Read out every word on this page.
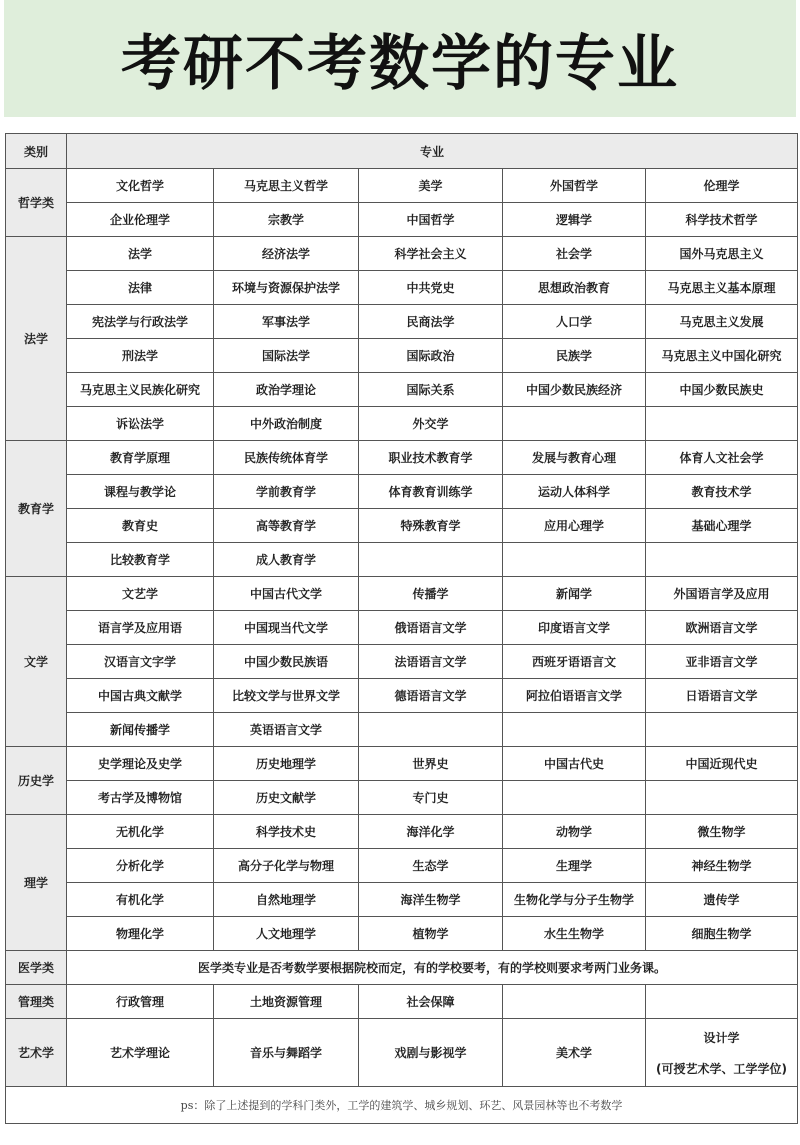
考研不考数学的专业
类别	专业				
哲学类	文化哲学	马克思主义哲学	美学	外国哲学	伦理学
	企业伦理学	宗教学	中国哲学	逻辑学	科学技术哲学
法学	法学	经济法学	科学社会主义	社会学	国外马克思主义
	法律	环境与资源保护法学	中共党史	思想政治教育	马克思主义基本原理
	宪法学与行政法学	军事法学	民商法学	人口学	马克思主义发展
	刑法学	国际法学	国际政治	民族学	马克思主义中国化研究
	马克思主义民族化研究	政治学理论	国际关系	中国少数民族经济	中国少数民族史
	诉讼法学	中外政治制度	外交学		
教育学	教育学原理	民族传统体育学	职业技术教育学	发展与教育心理	体育人文社会学
	课程与教学论	学前教育学	体育教育训练学	运动人体科学	教育技术学
	教育史	高等教育学	特殊教育学	应用心理学	基础心理学
	比较教育学	成人教育学			
文学	文艺学	中国古代文学	传播学	新闻学	外国语言学及应用
	语言学及应用语	中国现当代文学	俄语语言文学	印度语言文学	欧洲语言文学
	汉语言文字学	中国少数民族语	法语语言文学	西班牙语语言文	亚非语言文学
	中国古典文献学	比较文学与世界文学	德语语言文学	阿拉伯语语言文学	日语语言文学
	新闻传播学	英语语言文学			
历史学	史学理论及史学	历史地理学	世界史	中国古代史	中国近现代史
	考古学及博物馆	历史文献学	专门史		
理学	无机化学	科学技术史	海洋化学	动物学	微生物学
	分析化学	高分子化学与物理	生态学	生理学	神经生物学
	有机化学	自然地理学	海洋生物学	生物化学与分子生物学	遗传学
	物理化学	人文地理学	植物学	水生生物学	细胞生物学
医学类	医学类专业是否考数学要根据院校而定，有的学校要考，有的学校则要求考两门业务课。				
管理类	行政管理	土地资源管理	社会保障		
艺术学	艺术学理论	音乐与舞蹈学	戏剧与影视学	美术学	设计学
(可授艺术学、工学学位)

ps：除了上述提到的学科门类外，工学的建筑学、城乡规划、环艺、风景园林等也不考数学					
